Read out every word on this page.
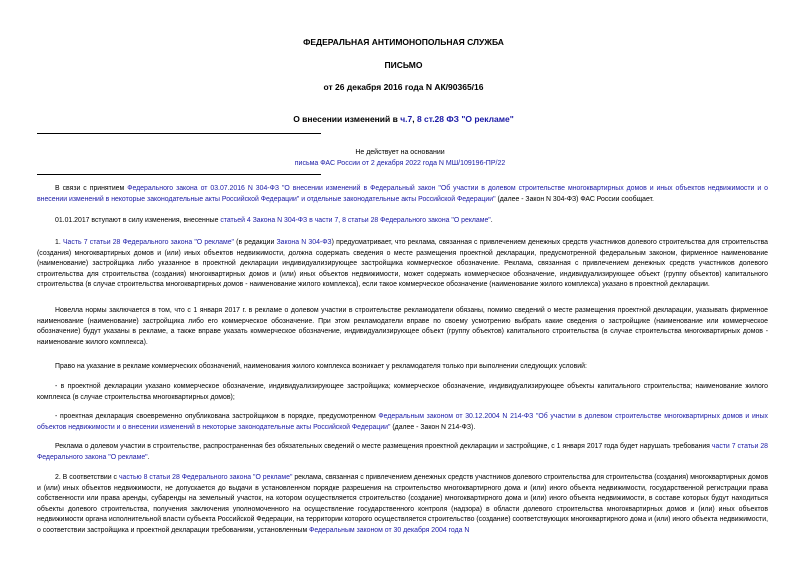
ФЕДЕРАЛЬНАЯ АНТИМОНОПОЛЬНАЯ СЛУЖБА
ПИСЬМО
от 26 декабря 2016 года N АК/90365/16
О внесении изменений в ч.7, 8 ст.28 ФЗ "О рекламе"
Не действует на основании
письма ФАС России от 2 декабря 2022 года N МШ/109196-ПР/22

В связи с принятием Федерального закона от 03.07.2016 N 304-ФЗ "О внесении изменений в Федеральный закон "Об участии в долевом строительстве многоквартирных домов и иных объектов недвижимости и о внесении изменений в некоторые законодательные акты Российской Федерации" и отдельные законодательные акты Российской Федерации" (далее - Закон N 304-ФЗ) ФАС России сообщает.

01.01.2017 вступают в силу изменения, внесенные статьей 4 Закона N 304-ФЗ в части 7, 8 статьи 28 Федерального закона "О рекламе".

1. Часть 7 статьи 28 Федерального закона "О рекламе" (в редакции Закона N 304-ФЗ) предусматривает, что реклама, связанная с привлечением денежных средств участников долевого строительства для строительства (создания) многоквартирных домов и (или) иных объектов недвижимости, должна содержать сведения о месте размещения проектной декларации, предусмотренной федеральным законом, фирменное наименование (наименование) застройщика либо указанное в проектной декларации индивидуализирующее застройщика коммерческое обозначение. Реклама, связанная с привлечением денежных средств участников долевого строительства для строительства (создания) многоквартирных домов и (или) иных объектов недвижимости, может содержать коммерческое обозначение, индивидуализирующее объект (группу объектов) капитального строительства (в случае строительства многоквартирных домов - наименование жилого комплекса), если такое коммерческое обозначение (наименование жилого комплекса) указано в проектной декларации.

Новелла нормы заключается в том, что с 1 января 2017 г. в рекламе о долевом участии в строительстве рекламодатели обязаны, помимо сведений о месте размещения проектной декларации, указывать фирменное наименование (наименование) застройщика либо его коммерческое обозначение. При этом рекламодатели вправе по своему усмотрению выбрать какие сведения о застройщике (наименование или коммерческое обозначение) будут указаны в рекламе, а также вправе указать коммерческое обозначение, индивидуализирующее объект (группу объектов) капитального строительства (в случае строительства многоквартирных домов - наименование жилого комплекса).

Право на указание в рекламе коммерческих обозначений, наименования жилого комплекса возникает у рекламодателя только при выполнении следующих условий:

- в проектной декларации указано коммерческое обозначение, индивидуализирующее застройщика; коммерческое обозначение, индивидуализирующее объекты капитального строительства; наименование жилого комплекса (в случае строительства многоквартирных домов);

- проектная декларация своевременно опубликована застройщиком в порядке, предусмотренном Федеральным законом от 30.12.2004 N 214-ФЗ "Об участии в долевом строительстве многоквартирных домов и иных объектов недвижимости и о внесении изменений в некоторые законодательные акты Российской Федерации" (далее - Закон N 214-ФЗ).

Реклама о долевом участии в строительстве, распространенная без обязательных сведений о месте размещения проектной декларации и застройщике, с 1 января 2017 года будет нарушать требования части 7 статьи 28 Федерального закона "О рекламе".

2. В соответствии с частью 8 статьи 28 Федерального закона "О рекламе" реклама, связанная с привлечением денежных средств участников долевого строительства для строительства (создания) многоквартирных домов и (или) иных объектов недвижимости, не допускается до выдачи в установленном порядке разрешения на строительство многоквартирного дома и (или) иного объекта недвижимости, государственной регистрации права собственности или права аренды, субаренды на земельный участок, на котором осуществляется строительство (создание) многоквартирного дома и (или) иного объекта недвижимости, в составе которых будут находиться объекты долевого строительства, получения заключения уполномоченного на осуществление государственного контроля (надзора) в области долевого строительства многоквартирных домов и (или) иных объектов недвижимости органа исполнительной власти субъекта Российской Федерации, на территории которого осуществляется строительство (создание) соответствующих многоквартирного дома и (или) иного объекта недвижимости, о соответствии застройщика и проектной декларации требованиям, установленным Федеральным законом от 30 декабря 2004 года N
